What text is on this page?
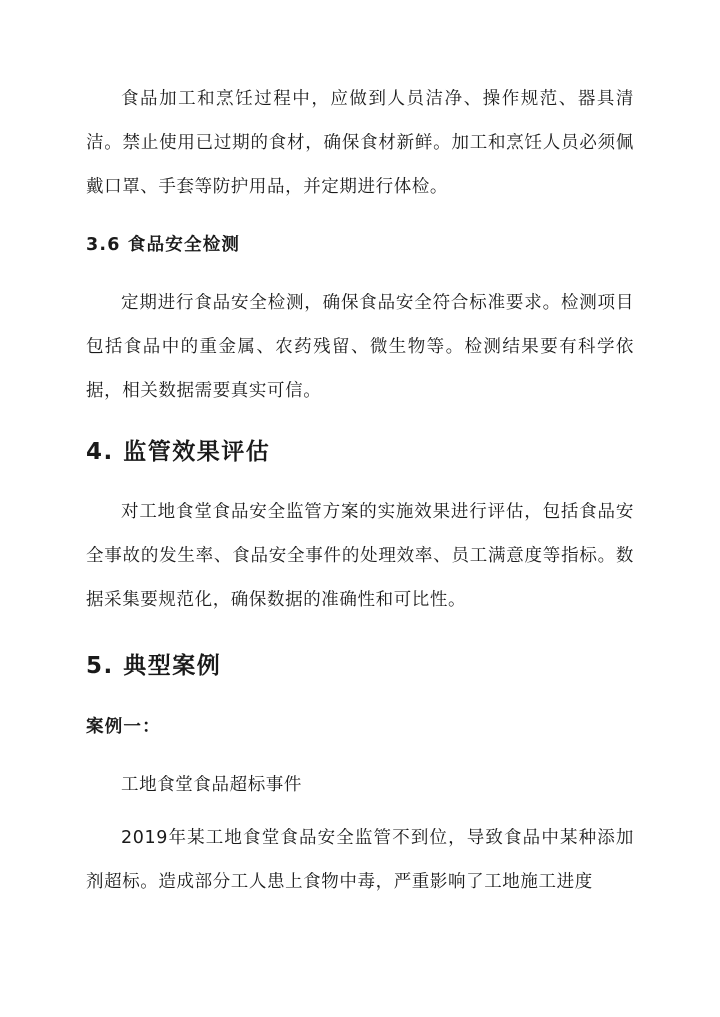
食品加工和烹饪过程中，应做到人员洁净、操作规范、器具清洁。禁止使用已过期的食材，确保食材新鲜。加工和烹饪人员必须佩戴口罩、手套等防护用品，并定期进行体检。

3.6 食品安全检测

定期进行食品安全检测，确保食品安全符合标准要求。检测项目包括食品中的重金属、农药残留、微生物等。检测结果要有科学依据，相关数据需要真实可信。

4. 监管效果评估

对工地食堂食品安全监管方案的实施效果进行评估，包括食品安全事故的发生率、食品安全事件的处理效率、员工满意度等指标。数据采集要规范化，确保数据的准确性和可比性。

5. 典型案例
案例一：

工地食堂食品超标事件

2019年某工地食堂食品安全监管不到位，导致食品中某种添加剂超标。造成部分工人患上食物中毒，严重影响了工地施工进度
